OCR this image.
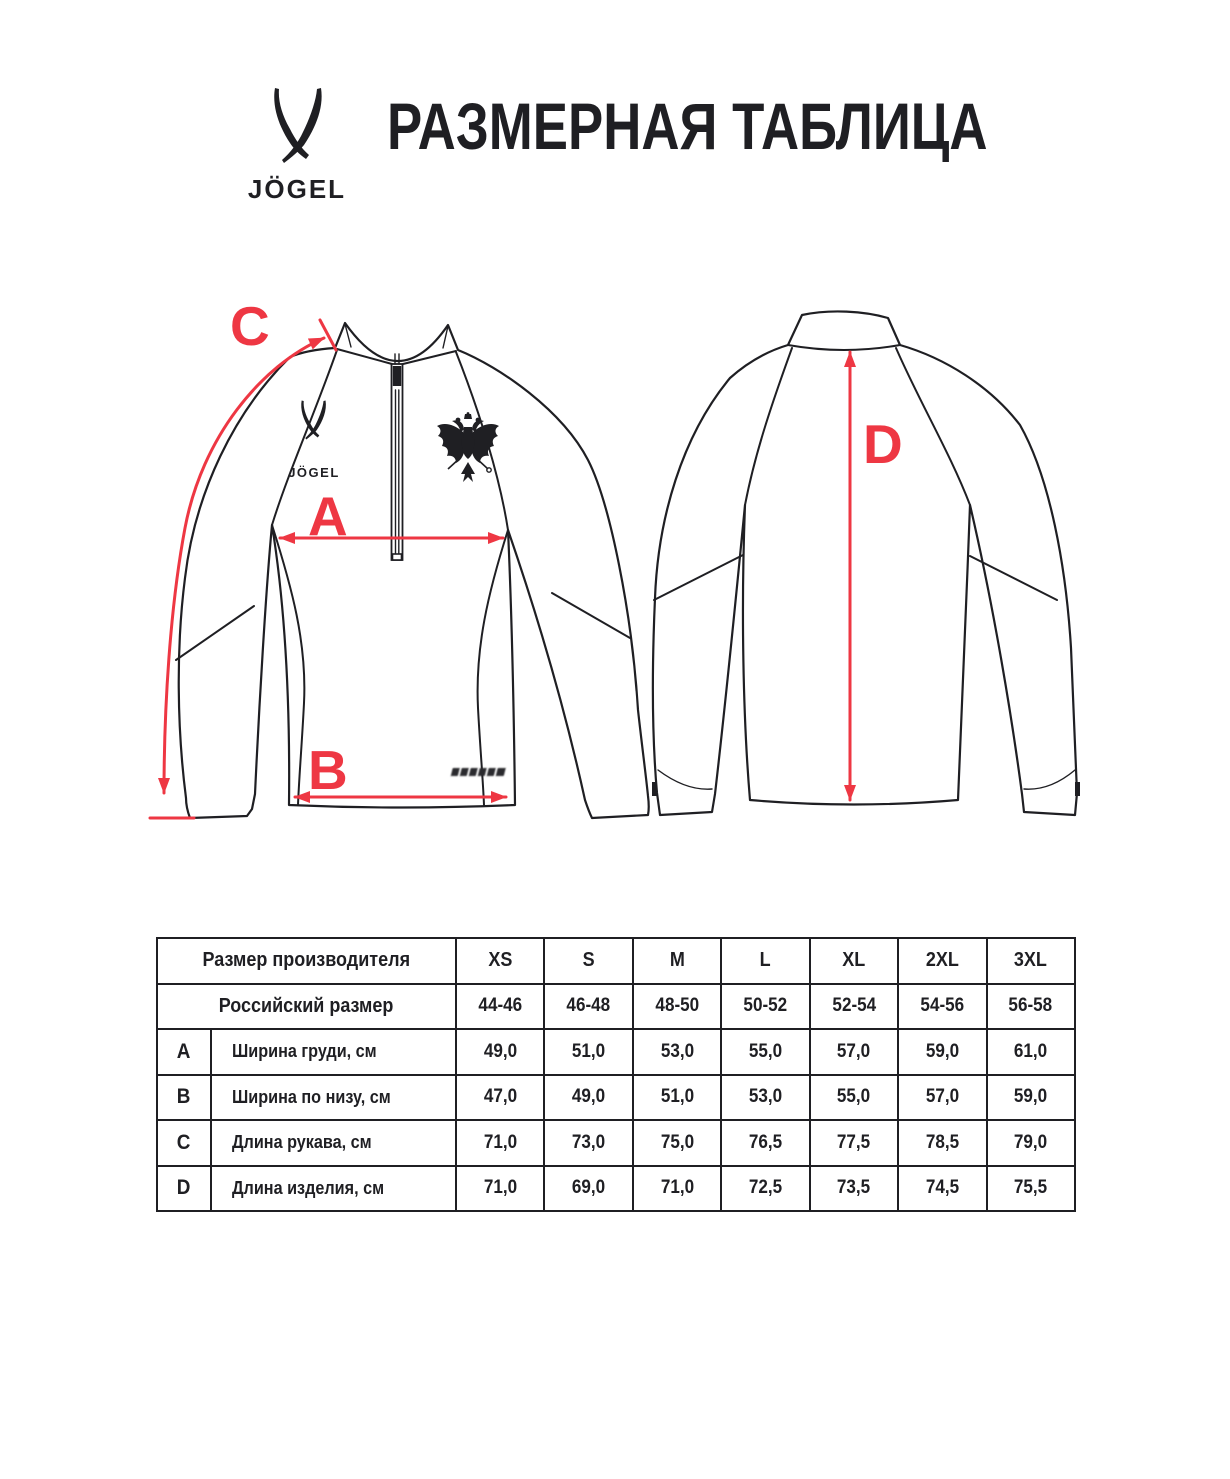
JÖGEL
РАЗМЕРНАЯ ТАБЛИЦА
D
JÖGEL
C
A
B
Размер производителя		XS	S	M	L	XL	2XL	3XL
Российский размер		44-46	46-48	48-50	50-52	52-54	54-56	56-58
A	Ширина груди, см	49,0	51,0	53,0	55,0	57,0	59,0	61,0
B	Ширина по низу, см	47,0	49,0	51,0	53,0	55,0	57,0	59,0
C	Длина рукава, см	71,0	73,0	75,0	76,5	77,5	78,5	79,0
D	Длина изделия, см	71,0	69,0	71,0	72,5	73,5	74,5	75,5
